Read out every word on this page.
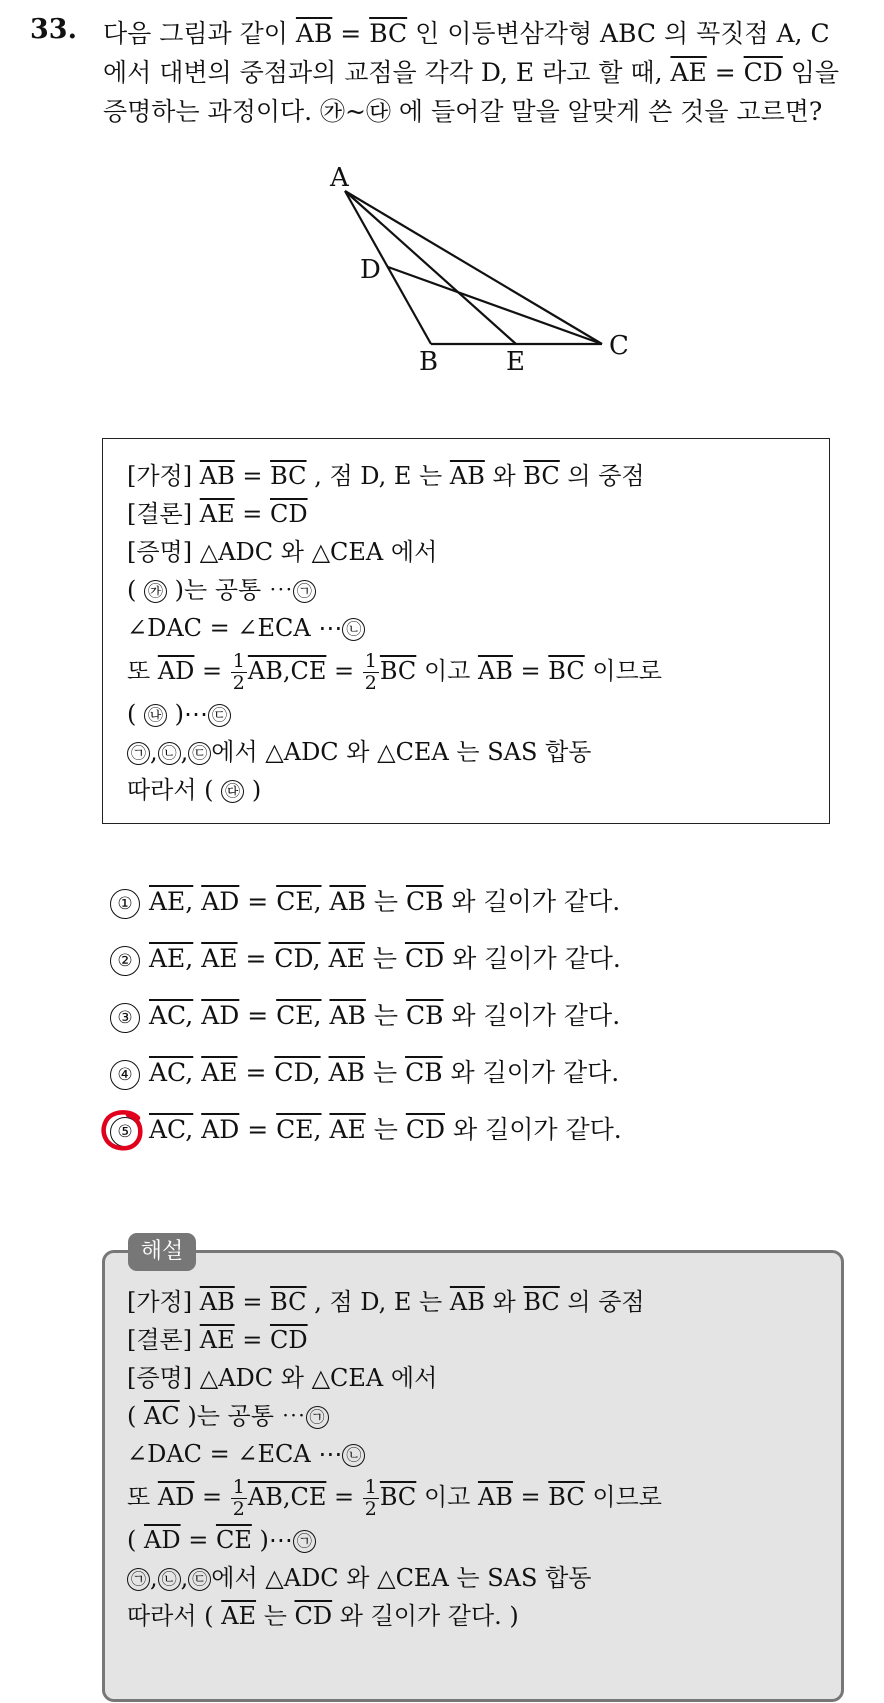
33. 다음 그림과 같이 $\overline{AB} = \overline{BC}$ 인 이등변삼각형 ABC 의 꼭짓점 A, C
에서 대변의 중점과의 교점을 각각 D, E 라고 할 때, $\overline{AE} = \overline{CD}$ 임을
증명하는 과정이다. ㉮~㉰ 에 들어갈 말을 알맞게 쓴 것을 고르면?
A
B
C
D
E
[가정] $\overline{AB} = \overline{BC}$ , 점 D, E 는 $\overline{AB}$ 와 $\overline{BC}$ 의 중점
[결론] $\overline{AE} = \overline{CD}$
[증명] △ADC 와 △CEA 에서
( ㉮ )는 공통 ⋯ ㉠
∠DAC = ∠ECA ⋯ ㉡
또 $\overline{AD} = \frac{1}{2} AB,\overline{CE} = \frac{1}{2} \overline{BC}$ 이고 $\overline{AB} = \overline{BC}$ 이므로
( ㉯ )⋯ ㉢
㉠ , ㉡ , ㉢ 에서 △ADC 와 △CEA 는 SAS 합동
따라서 ( ㉰ )
① AE, $\overline{AD}$ = CE, $\overline{AB}$ 는 $\overline{CB}$ 와 길이가 같다.
② AE, $\overline{AE}$ = CD, $\overline{AE}$ 는 $\overline{CD}$ 와 길이가 같다.
③ AC, $\overline{AD}$ = CE, $\overline{AB}$ 는 $\overline{CB}$ 와 길이가 같다.
④ AC, $\overline{AE}$ = CD, $\overline{AB}$ 는 $\overline{CB}$ 와 길이가 같다.
⑤ AC, $\overline{AD}$ = CE, $\overline{AE}$ 는 $\overline{CD}$ 와 길이가 같다.
[가정] $\overline{AB} = \overline{BC}$ , 점 D, E 는 $\overline{AB}$ 와 $\overline{BC}$ 의 중점
[결론] $\overline{AE} = \overline{CD}$
[증명] △ADC 와 △CEA 에서
( $\overline{AC}$ )는 공통 ⋯ ㉠
∠DAC = ∠ECA ⋯ ㉡
또 $\overline{AD} = \frac{1}{2} AB,\overline{CE} = \frac{1}{2} \overline{BC}$ 이고 $\overline{AB} = \overline{BC}$ 이므로
( $\overline{AD} = \overline{CE}$ )⋯ ㉠
㉠ , ㉡ , ㉢ 에서 △ADC 와 △CEA 는 SAS 합동
따라서 ( $\overline{AE}$ 는 $\overline{CD}$ 와 길이가 같다. )
해설
